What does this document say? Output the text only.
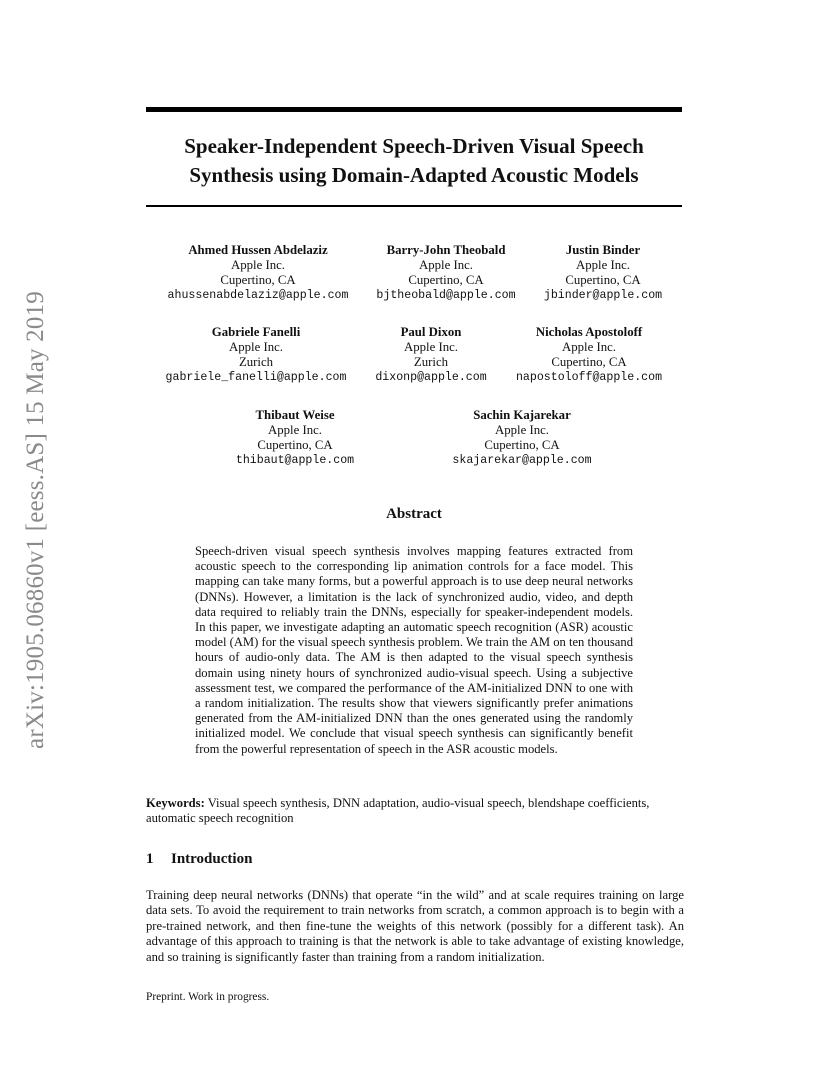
arXiv:1905.06860v1 [eess.AS] 15 May 2019
Speaker-Independent Speech-Driven Visual Speech Synthesis using Domain-Adapted Acoustic Models
Ahmed Hussen Abdelaziz
Apple Inc.
Cupertino, CA
ahussenabdelaziz@apple.com
Barry-John Theobald
Apple Inc.
Cupertino, CA
bjtheobald@apple.com
Justin Binder
Apple Inc.
Cupertino, CA
jbinder@apple.com
Gabriele Fanelli
Apple Inc.
Zurich
gabriele_fanelli@apple.com
Paul Dixon
Apple Inc.
Zurich
dixonp@apple.com
Nicholas Apostoloff
Apple Inc.
Cupertino, CA
napostoloff@apple.com
Thibaut Weise
Apple Inc.
Cupertino, CA
thibaut@apple.com
Sachin Kajarekar
Apple Inc.
Cupertino, CA
skajarekar@apple.com
Abstract
Speech-driven visual speech synthesis involves mapping features extracted from acoustic speech to the corresponding lip animation controls for a face model. This mapping can take many forms, but a powerful approach is to use deep neural networks (DNNs). However, a limitation is the lack of synchronized audio, video, and depth data required to reliably train the DNNs, especially for speaker-independent models. In this paper, we investigate adapting an automatic speech recognition (ASR) acoustic model (AM) for the visual speech synthesis problem. We train the AM on ten thousand hours of audio-only data. The AM is then adapted to the visual speech synthesis domain using ninety hours of synchronized audio-visual speech. Using a subjective assessment test, we compared the performance of the AM-initialized DNN to one with a random initialization. The results show that viewers significantly prefer animations generated from the AM-initialized DNN than the ones generated using the randomly initialized model. We conclude that visual speech synthesis can significantly benefit from the powerful representation of speech in the ASR acoustic models.
Keywords: Visual speech synthesis, DNN adaptation, audio-visual speech, blendshape coefficients, automatic speech recognition
1 Introduction
Training deep neural networks (DNNs) that operate “in the wild” and at scale requires training on large data sets. To avoid the requirement to train networks from scratch, a common approach is to begin with a pre-trained network, and then fine-tune the weights of this network (possibly for a different task). An advantage of this approach to training is that the network is able to take advantage of existing knowledge, and so training is significantly faster than training from a random initialization.
Preprint. Work in progress.
